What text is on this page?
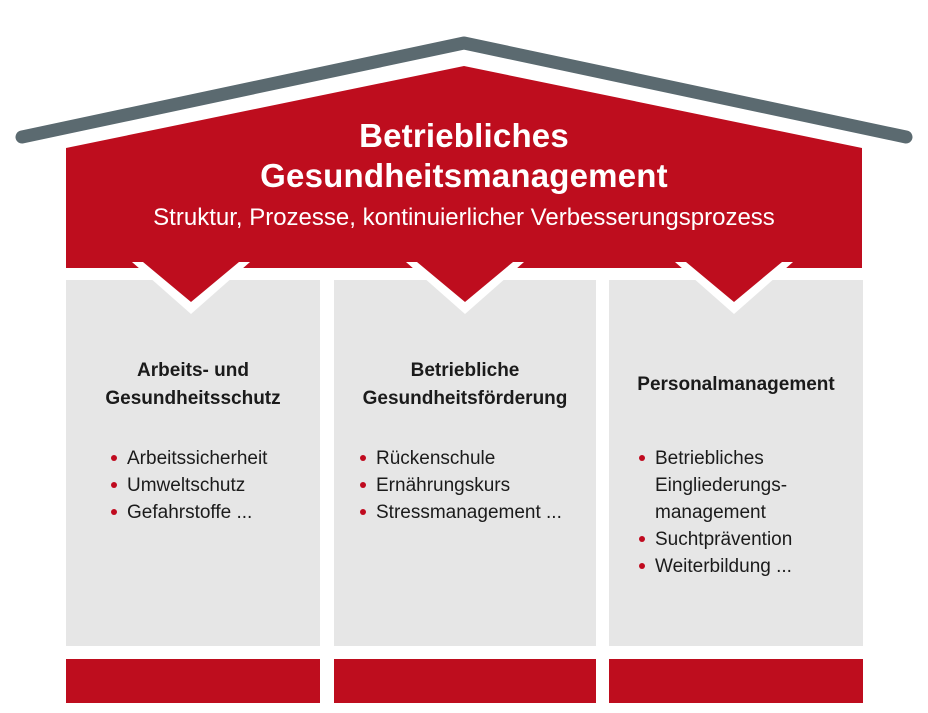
Betriebliches
Gesundheitsmanagement
Struktur, Prozesse, kontinuierlicher Verbesserungsprozess
Arbeits- und
Gesundheitsschutz
Arbeitssicherheit
Umweltschutz
Gefahrstoffe ...
Betriebliche
Gesundheitsförderung
Rückenschule
Ernährungskurs
Stressmanagement ...
Personalmanagement
Betriebliches
Eingliederungs-
management
Suchtprävention
Weiterbildung ...
